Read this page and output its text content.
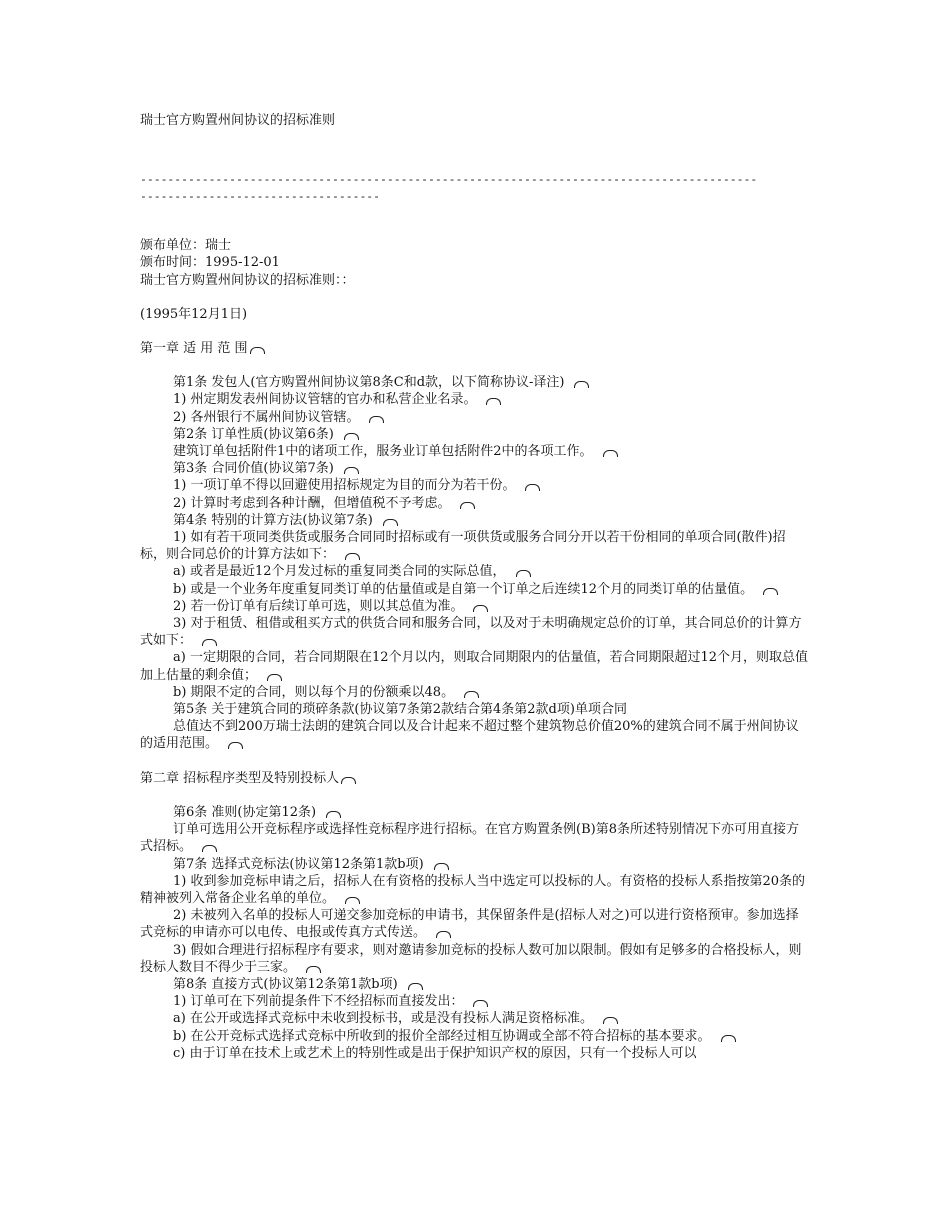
瑞士官方购置州间协议的招标准则
------------------------------------------------------------------------------------------
-----------------------------------
颁布单位：瑞士
颁布时间：1995-12-01
瑞士官方购置州间协议的招标准则：：
(1995年12月1日)
第一章 适 用 范 围
第1条 发包人(官方购置州间协议第8条C和d款，以下简称协议-译注)
1) 州定期发表州间协议管辖的官办和私营企业名录。
2) 各州银行不属州间协议管辖。
第2条 订单性质(协议第6条)
建筑订单包括附件1中的诸项工作，服务业订单包括附件2中的各项工作。
第3条 合同价值(协议第7条)
1) 一项订单不得以回避使用招标规定为目的而分为若干份。
2) 计算时考虑到各种计酬，但增值税不予考虑。
第4条 特别的计算方法(协议第7条)
1) 如有若干项同类供货或服务合同同时招标或有一项供货或服务合同分开以若干份相同的单项合同(散件)招标，则合同总价的计算方法如下：
a) 或者是最近12个月发过标的重复同类合同的实际总值，
b) 或是一个业务年度重复同类订单的估量值或是自第一个订单之后连续12个月的同类订单的估量值。
2) 若一份订单有后续订单可选，则以其总值为准。
3) 对于租赁、租借或租买方式的供货合同和服务合同，以及对于未明确规定总价的订单，其合同总价的计算方式如下：
a) 一定期限的合同，若合同期限在12个月以内，则取合同期限内的估量值，若合同期限超过12个月，则取总值加上估量的剩余值；
b) 期限不定的合同，则以每个月的份额乘以48。
第5条 关于建筑合同的琐碎条款(协议第7条第2款结合第4条第2款d项)单项合同
总值达不到200万瑞士法朗的建筑合同以及合计起来不超过整个建筑物总价值20%的建筑合同不属于州间协议的适用范围。
第二章 招标程序类型及特别投标人
第6条 准则(协定第12条)
订单可选用公开竞标程序或选择性竞标程序进行招标。在官方购置条例(B)第8条所述特别情况下亦可用直接方式招标。
第7条 选择式竞标法(协议第12条第1款b项)
1) 收到参加竞标申请之后，招标人在有资格的投标人当中选定可以投标的人。有资格的投标人系指按第20条的精神被列入常备企业名单的单位。
2) 未被列入名单的投标人可递交参加竞标的申请书，其保留条件是(招标人对之)可以进行资格预审。参加选择式竞标的申请亦可以电传、电报或传真方式传送。
3) 假如合理进行招标程序有要求，则对邀请参加竞标的投标人数可加以限制。假如有足够多的合格投标人，则投标人数目不得少于三家。
第8条 直接方式(协议第12条第1款b项)
1) 订单可在下列前提条件下不经招标而直接发出：
a) 在公开或选择式竞标中未收到投标书，或是没有投标人满足资格标准。
b) 在公开竞标式选择式竞标中所收到的报价全部经过相互协调或全部不符合招标的基本要求。
c) 由于订单在技术上或艺术上的特别性或是出于保护知识产权的原因，只有一个投标人可以
